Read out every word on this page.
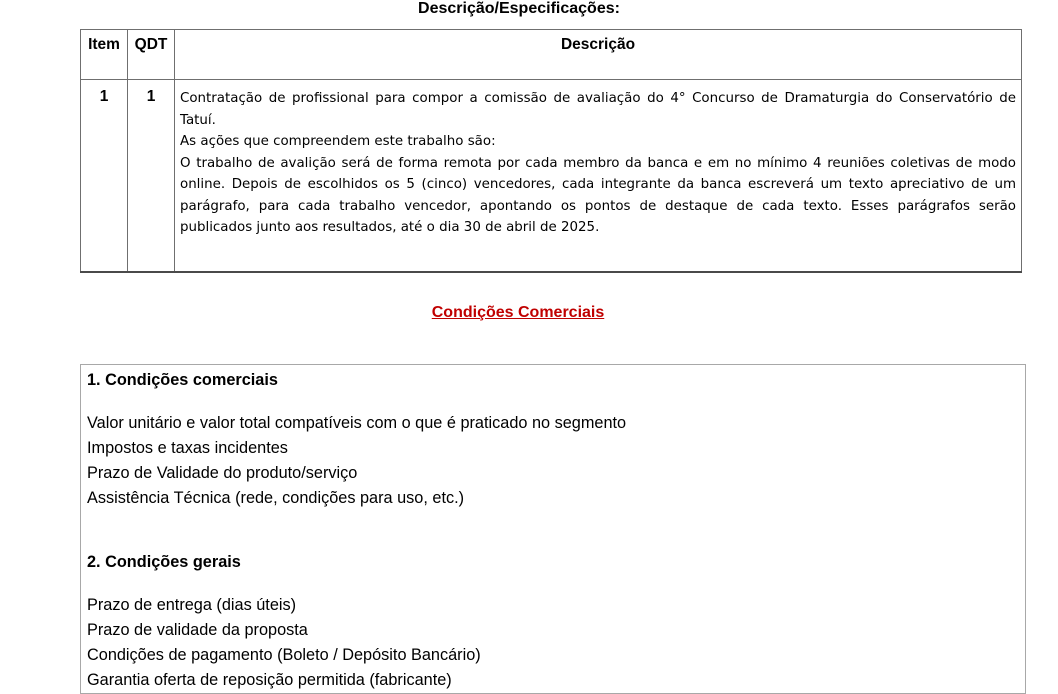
Descrição/Especificações:
Item	QDT	Descrição
1	1	Contratação de profissional para compor a comissão de avaliação do 4° Concurso de Dramaturgia do Conservatório de Tatuí.

As ações que compreendem este trabalho são:

O trabalho de avalição será de forma remota por cada membro da banca e em no mínimo 4 reuniões coletivas de modo online. Depois de escolhidos os 5 (cinco) vencedores, cada integrante da banca escreverá um texto apreciativo de um parágrafo, para cada trabalho vencedor, apontando os pontos de destaque de cada texto. Esses parágrafos serão publicados junto aos resultados, até o dia 30 de abril de 2025.

Condições Comerciais
1. Condições comerciais
Valor unitário e valor total compatíveis com o que é praticado no segmento
Impostos e taxas incidentes
Prazo de Validade do produto/serviço
Assistência Técnica (rede, condições para uso, etc.)
2. Condições gerais
Prazo de entrega (dias úteis)
Prazo de validade da proposta
Condições de pagamento (Boleto / Depósito Bancário)
Garantia oferta de reposição permitida (fabricante)
